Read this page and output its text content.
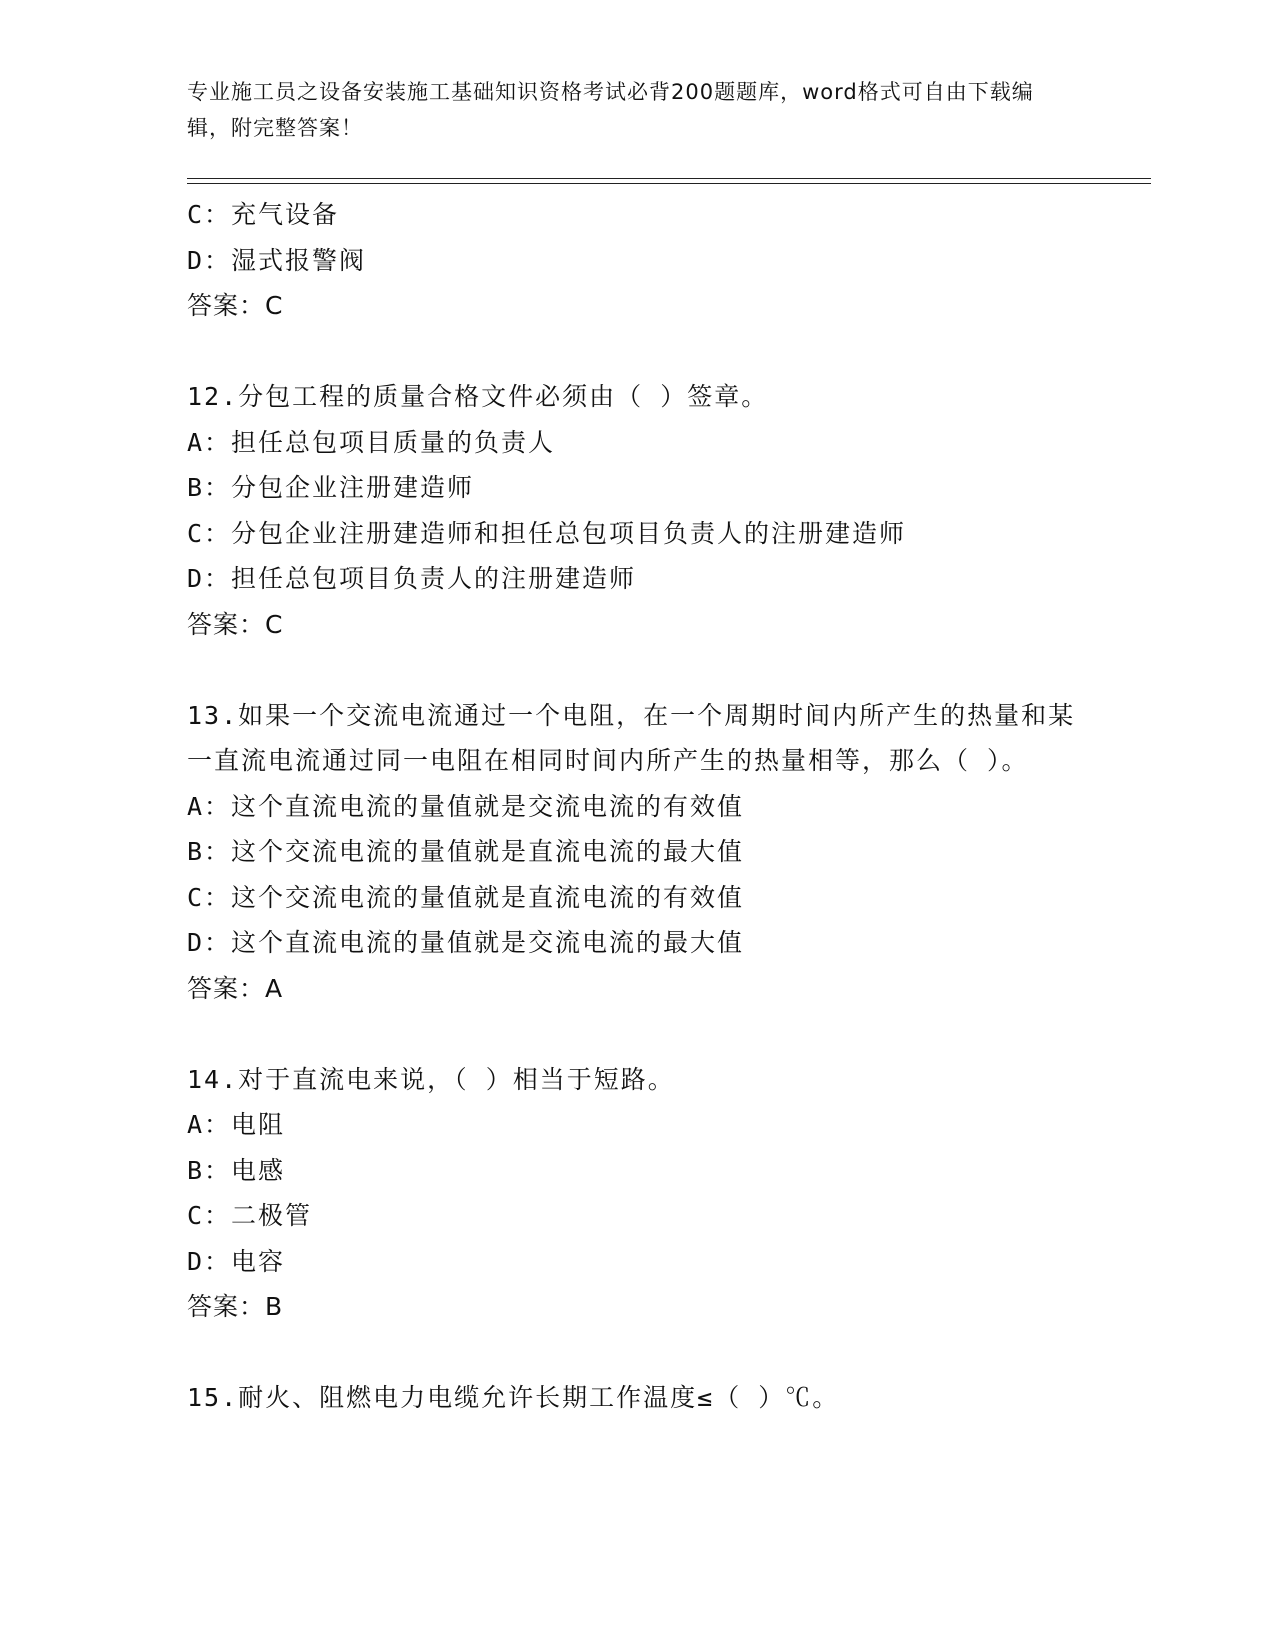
专业施工员之设备安装施工基础知识资格考试必背200题题库，word格式可自由下载编辑，附完整答案！
C：充气设备
D：湿式报警阀
答案：C
12.分包工程的质量合格文件必须由（ ）签章。
A：担任总包项目质量的负责人
B：分包企业注册建造师
C：分包企业注册建造师和担任总包项目负责人的注册建造师
D：担任总包项目负责人的注册建造师
答案：C
13.如果一个交流电流通过一个电阻，在一个周期时间内所产生的热量和某一直流电流通过同一电阻在相同时间内所产生的热量相等，那么（ ）。
A：这个直流电流的量值就是交流电流的有效值
B：这个交流电流的量值就是直流电流的最大值
C：这个交流电流的量值就是直流电流的有效值
D：这个直流电流的量值就是交流电流的最大值
答案：A
14.对于直流电来说，（ ）相当于短路。
A：电阻
B：电感
C：二极管
D：电容
答案：B
15.耐火、阻燃电力电缆允许长期工作温度≤（ ）℃。
